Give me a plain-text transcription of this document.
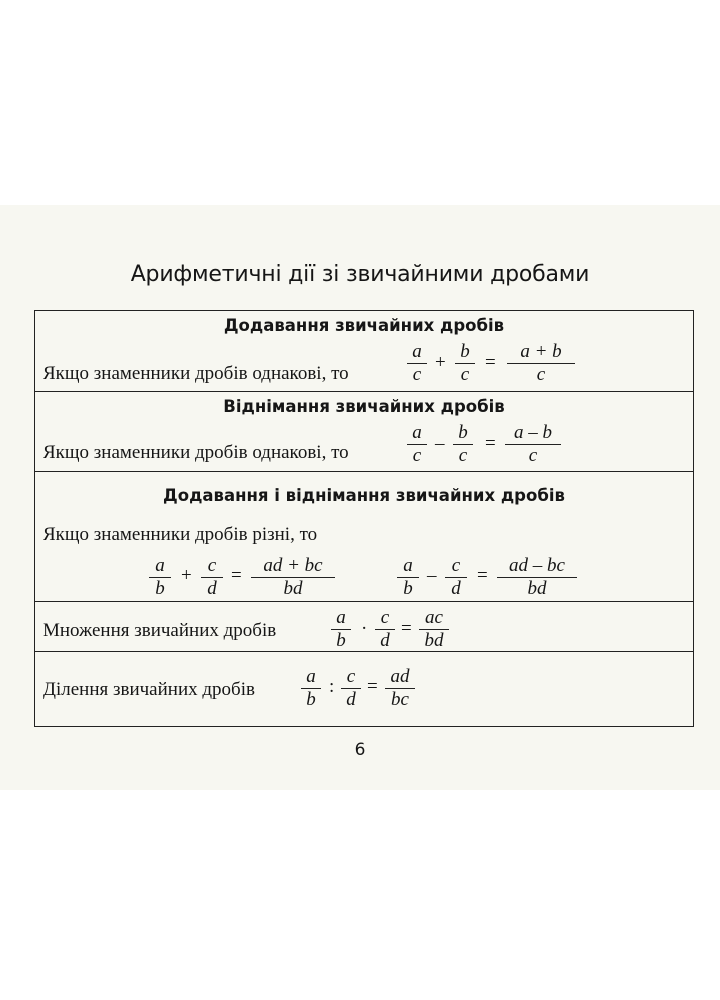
Арифметичні дії зі звичайними дробами
Додавання звичайних дробів
Якщо знаменники дробів однакові, то
a
c
+
b
c
=
a + b
c
Віднімання звичайних дробів
Якщо знаменники дробів однакові, то
a
c
–
b
c
=
a – b
c
Додавання і віднімання звичайних дробів
Якщо знаменники дробів різні, то
a
b
+ c
d
=	ad + bc
bd
a
b
– c
d
=	ad – bc
bd
Множення звичайних дробів
a
b
·
c
d
=
ac
bd
Ділення звичайних дробів
a
b
: c
d
= ad
bc
6
